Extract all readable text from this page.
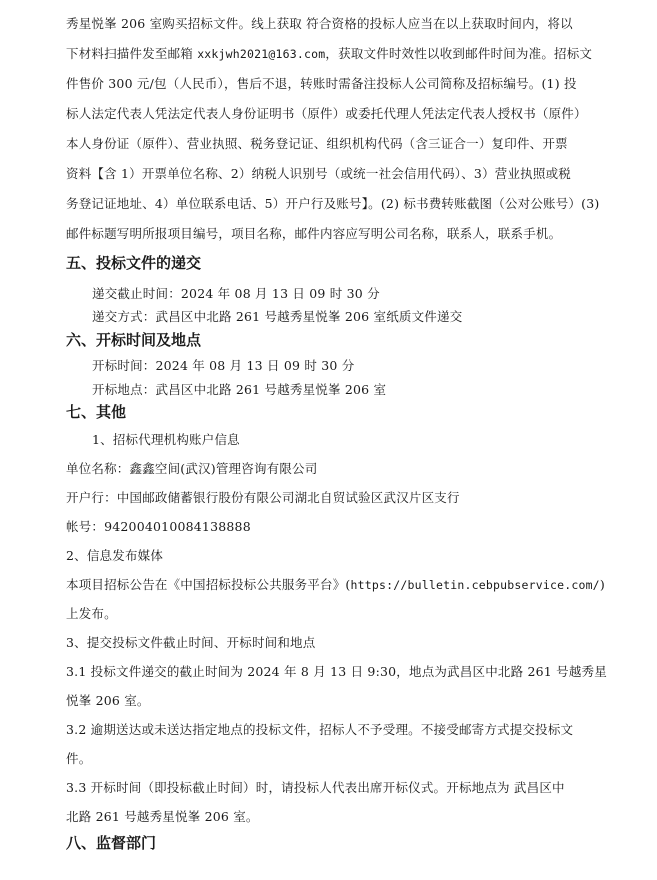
秀星悦峯 206 室购买招标文件。线上获取 符合资格的投标人应当在以上获取时间内，将以

下材料扫描件发至邮箱 xxkjwh2021@163.com，获取文件时效性以收到邮件时间为准。招标文

件售价 300 元/包（人民币），售后不退，转账时需备注投标人公司简称及招标编号。(1) 投

标人法定代表人凭法定代表人身份证明书（原件）或委托代理人凭法定代表人授权书（原件）

本人身份证（原件）、营业执照、税务登记证、组织机构代码（含三证合一）复印件、开票

资料【含 1）开票单位名称、2）纳税人识别号（或统一社会信用代码）、3）营业执照或税

务登记证地址、4）单位联系电话、5）开户行及账号】。(2) 标书费转账截图（公对公账号）(3)

邮件标题写明所报项目编号，项目名称，邮件内容应写明公司名称，联系人，联系手机。

五、投标文件的递交

递交截止时间：2024 年 08 月 13 日 09 时 30 分

递交方式：武昌区中北路 261 号越秀星悦峯 206 室纸质文件递交

六、开标时间及地点

开标时间：2024 年 08 月 13 日 09 时 30 分

开标地点：武昌区中北路 261 号越秀星悦峯 206 室

七、其他

1、招标代理机构账户信息

单位名称：鑫鑫空间(武汉)管理咨询有限公司

开户行：中国邮政储蓄银行股份有限公司湖北自贸试验区武汉片区支行

帐号：942004010084138888

2、信息发布媒体

本项目招标公告在《中国招标投标公共服务平台》(https://bulletin.cebpubservice.com/)

上发布。

3、提交投标文件截止时间、开标时间和地点

3.1 投标文件递交的截止时间为 2024 年 8 月 13 日 9:30，地点为武昌区中北路 261 号越秀星

悦峯 206 室。

3.2 逾期送达或未送达指定地点的投标文件，招标人不予受理。不接受邮寄方式提交投标文

件。

3.3 开标时间（即投标截止时间）时，请投标人代表出席开标仪式。开标地点为 武昌区中

北路 261 号越秀星悦峯 206 室。

八、监督部门
